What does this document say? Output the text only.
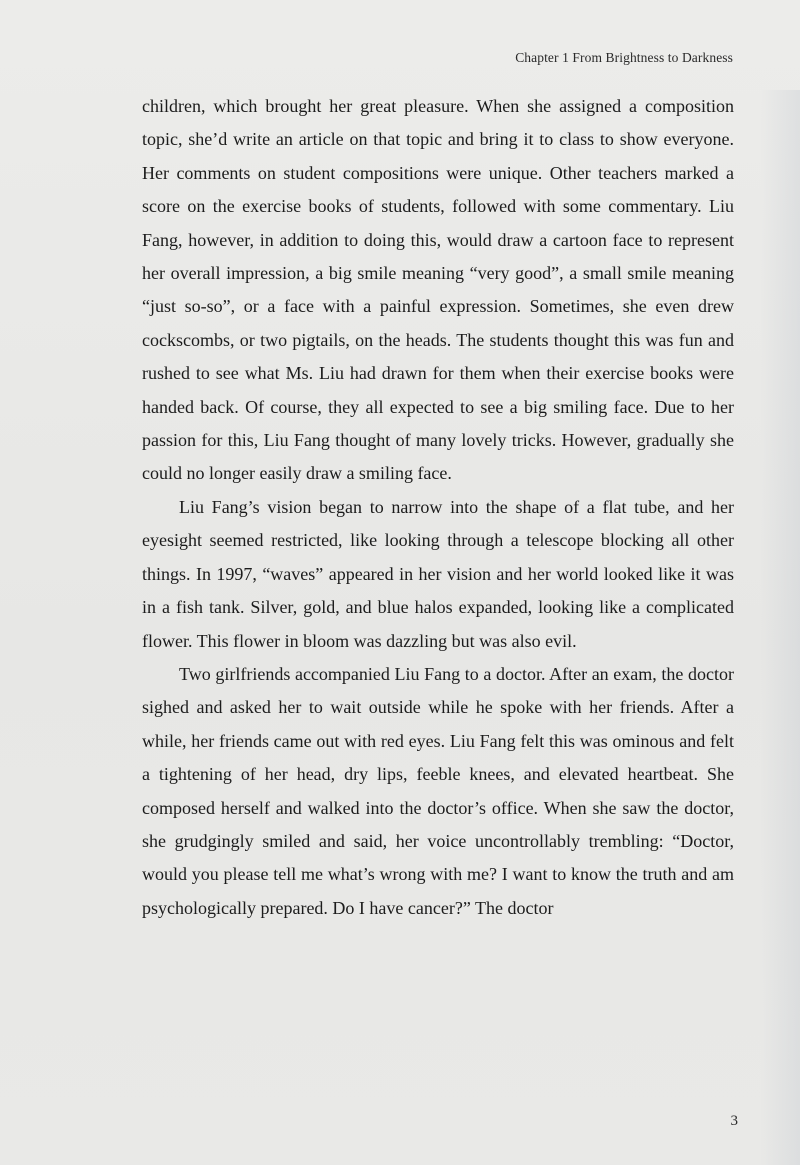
Chapter 1 From Brightness to Darkness

children, which brought her great pleasure. When she assigned a composition topic, she’d write an article on that topic and bring it to class to show everyone. Her comments on student compositions were unique. Other teachers marked a score on the exercise books of students, followed with some commentary. Liu Fang, however, in addition to doing this, would draw a cartoon face to represent her overall impression, a big smile meaning “very good”, a small smile meaning “just so-so”, or a face with a painful expression. Sometimes, she even drew cockscombs, or two pigtails, on the heads. The students thought this was fun and rushed to see what Ms. Liu had drawn for them when their exercise books were handed back. Of course, they all expected to see a big smiling face. Due to her passion for this, Liu Fang thought of many lovely tricks. However, gradually she could no longer easily draw a smiling face.

Liu Fang’s vision began to narrow into the shape of a flat tube, and her eyesight seemed restricted, like looking through a telescope blocking all other things. In 1997, “waves” appeared in her vision and her world looked like it was in a fish tank. Silver, gold, and blue halos expanded, looking like a complicated flower. This flower in bloom was dazzling but was also evil.

Two girlfriends accompanied Liu Fang to a doctor. After an exam, the doctor sighed and asked her to wait outside while he spoke with her friends. After a while, her friends came out with red eyes. Liu Fang felt this was ominous and felt a tightening of her head, dry lips, feeble knees, and elevated heartbeat. She composed herself and walked into the doctor’s office. When she saw the doctor, she grudgingly smiled and said, her voice uncontrollably trembling: “Doctor, would you please tell me what’s wrong with me? I want to know the truth and am psychologically prepared. Do I have cancer?” The doctor

3
